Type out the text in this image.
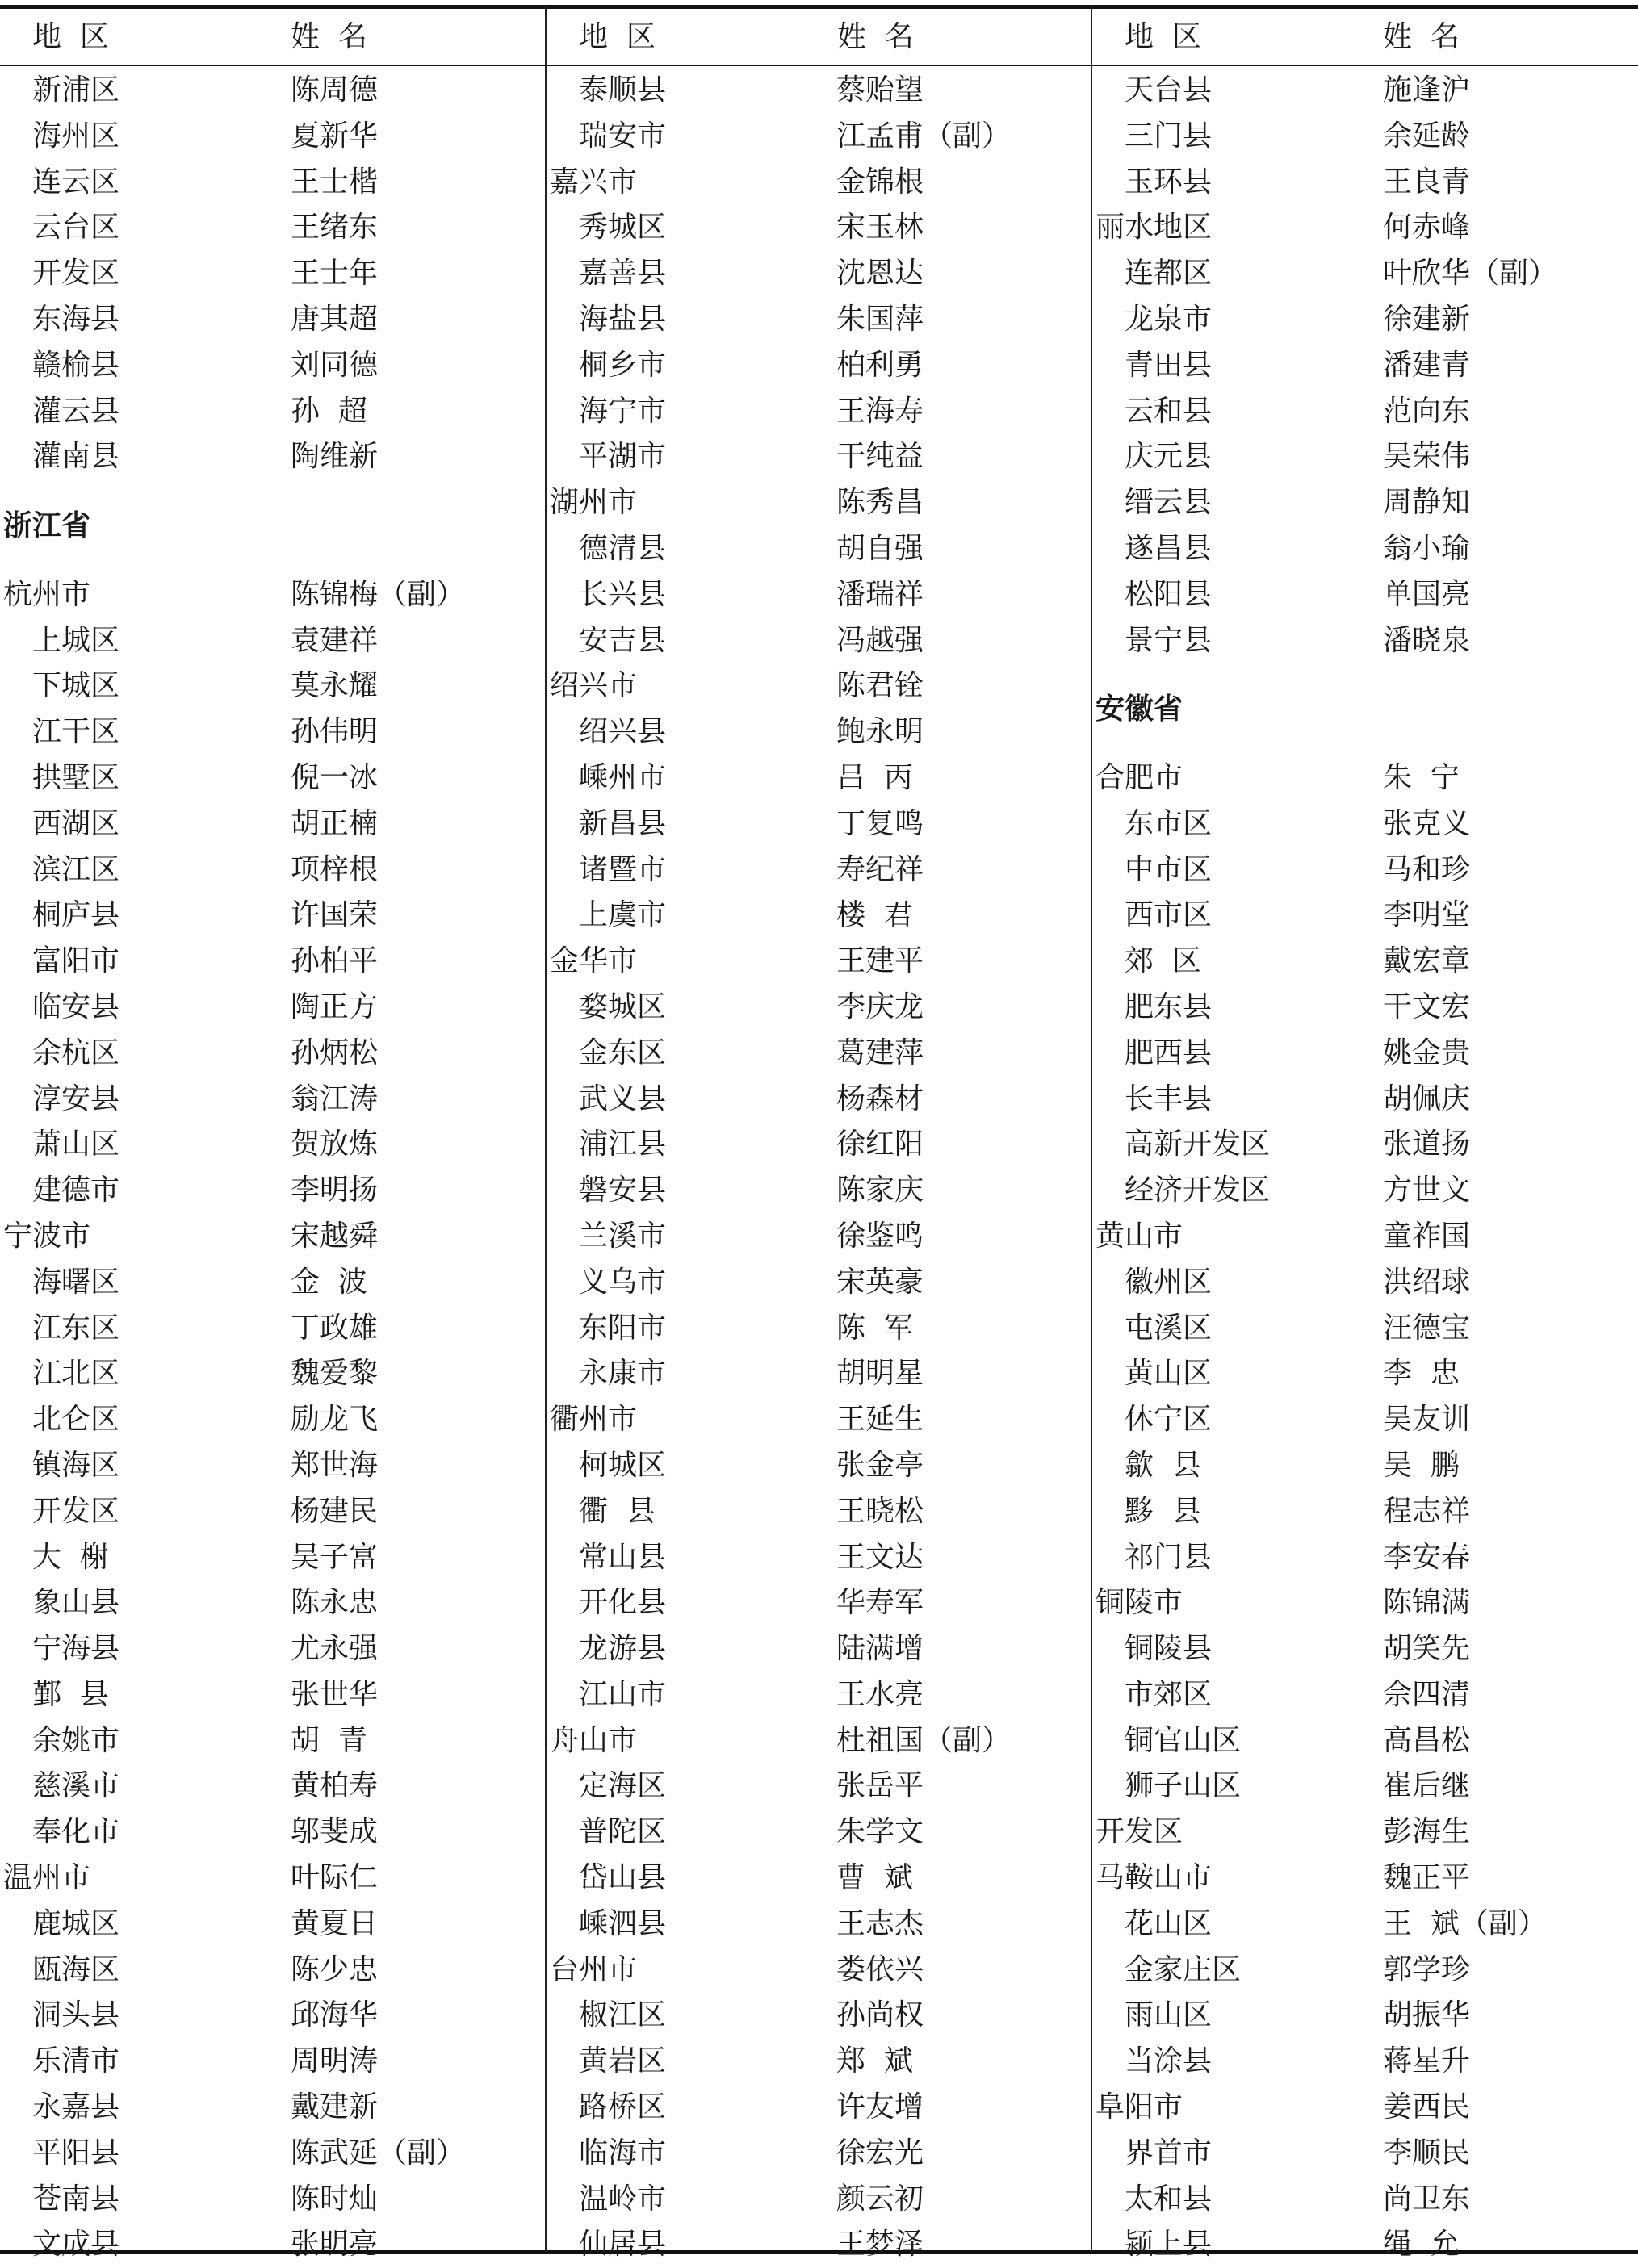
地  区	姓  名
新浦区	陈周德
海州区	夏新华
连云区	王士楷
云台区	王绪东
开发区	王士年
东海县	唐其超
赣榆县	刘同德
灌云县	孙  超
灌南县	陶维新
浙江省
杭州市	陈锦梅（副）
上城区	袁建祥
下城区	莫永耀
江干区	孙伟明
拱墅区	倪一冰
西湖区	胡正楠
滨江区	项梓根
桐庐县	许国荣
富阳市	孙柏平
临安县	陶正方
余杭区	孙炳松
淳安县	翁江涛
萧山区	贺放炼
建德市	李明扬
宁波市	宋越舜
海曙区	金  波
江东区	丁政雄
江北区	魏爱黎
北仑区	励龙飞
镇海区	郑世海
开发区	杨建民
大  榭	吴子富
象山县	陈永忠
宁海县	尤永强
鄞  县	张世华
余姚市	胡  青
慈溪市	黄柏寿
奉化市	邬斐成
温州市	叶际仁
鹿城区	黄夏日
瓯海区	陈少忠
洞头县	邱海华
乐清市	周明涛
永嘉县	戴建新
平阳县	陈武延（副）
苍南县	陈时灿
文成县	张明亮
地  区	姓  名
泰顺县	蔡贻望
瑞安市	江孟甫（副）
嘉兴市	金锦根
秀城区	宋玉林
嘉善县	沈恩达
海盐县	朱国萍
桐乡市	柏利勇
海宁市	王海寿
平湖市	干纯益
湖州市	陈秀昌
德清县	胡自强
长兴县	潘瑞祥
安吉县	冯越强
绍兴市	陈君铨
绍兴县	鲍永明
嵊州市	吕  丙
新昌县	丁复鸣
诸暨市	寿纪祥
上虞市	楼  君
金华市	王建平
婺城区	李庆龙
金东区	葛建萍
武义县	杨森材
浦江县	徐红阳
磐安县	陈家庆
兰溪市	徐鉴鸣
义乌市	宋英豪
东阳市	陈  军
永康市	胡明星
衢州市	王延生
柯城区	张金亭
衢  县	王晓松
常山县	王文达
开化县	华寿军
龙游县	陆满增
江山市	王水亮
舟山市	杜祖国（副）
定海区	张岳平
普陀区	朱学文
岱山县	曹  斌
嵊泗县	王志杰
台州市	娄依兴
椒江区	孙尚权
黄岩区	郑  斌
路桥区	许友增
临海市	徐宏光
温岭市	颜云初
仙居县	王梦泽
地  区	姓  名
天台县	施逢沪
三门县	余延龄
玉环县	王良青
丽水地区	何赤峰
连都区	叶欣华（副）
龙泉市	徐建新
青田县	潘建青
云和县	范向东
庆元县	吴荣伟
缙云县	周静知
遂昌县	翁小瑜
松阳县	单国亮
景宁县	潘晓泉
安徽省
合肥市	朱  宁
东市区	张克义
中市区	马和珍
西市区	李明堂
郊  区	戴宏章
肥东县	干文宏
肥西县	姚金贵
长丰县	胡佩庆
高新开发区	张道扬
经济开发区	方世文
黄山市	童祚国
徽州区	洪绍球
屯溪区	汪德宝
黄山区	李  忠
休宁区	吴友训
歙  县	吴  鹏
黟  县	程志祥
祁门县	李安春
铜陵市	陈锦满
铜陵县	胡笑先
市郊区	佘四清
铜官山区	高昌松
狮子山区	崔后继
开发区	彭海生
马鞍山市	魏正平
花山区	王  斌（副）
金家庄区	郭学珍
雨山区	胡振华
当涂县	蒋星升
阜阳市	姜西民
界首市	李顺民
太和县	尚卫东
颍上县	绳  允
